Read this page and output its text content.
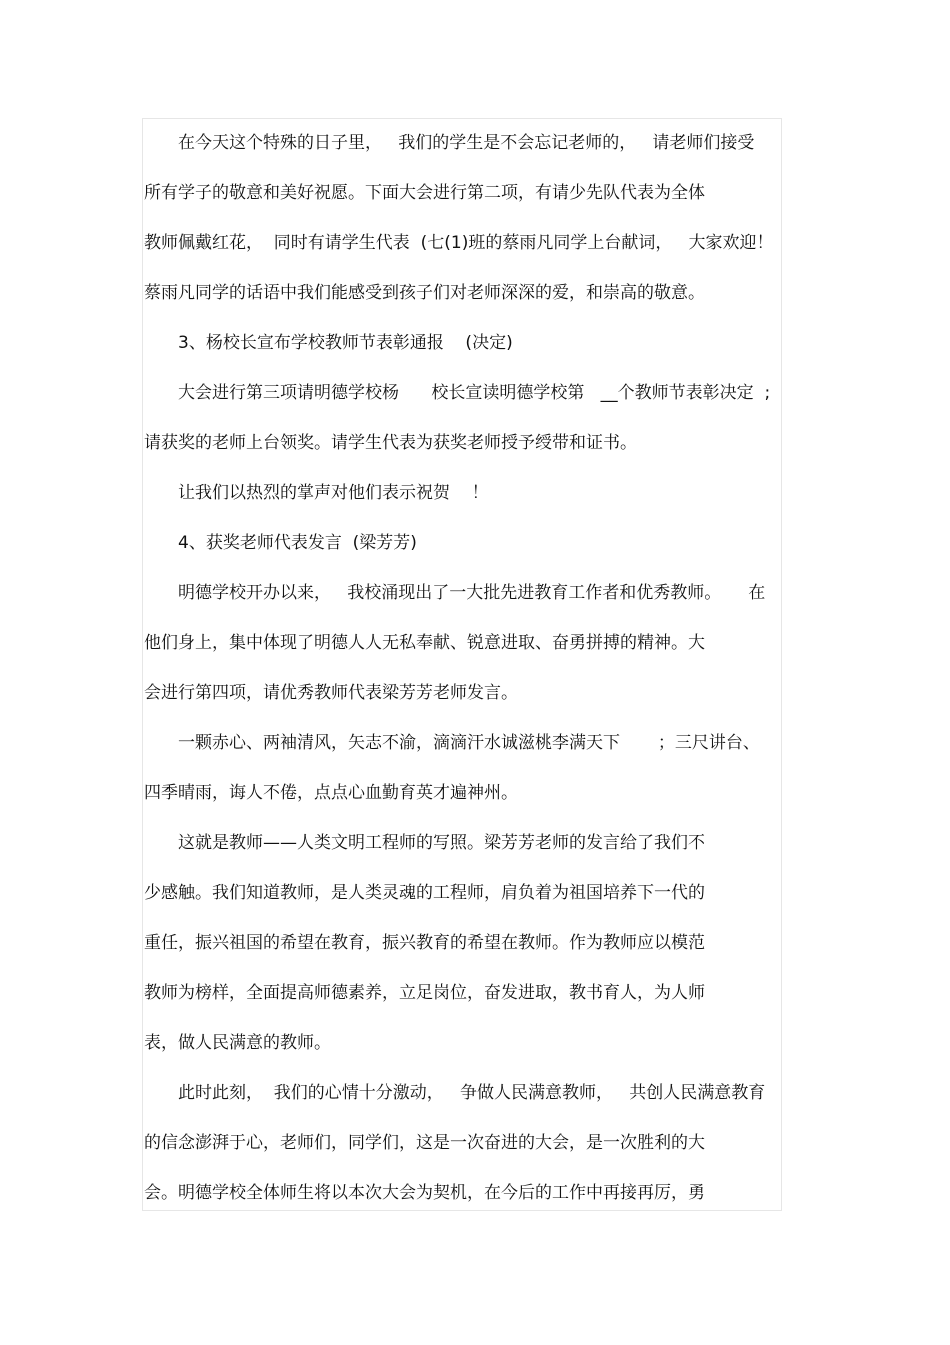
在今天这个特殊的日子里，   我们的学生是不会忘记老师的，   请老师们接受
所有学子的敬意和美好祝愿。下面大会进行第二项，有请少先队代表为全体
教师佩戴红花，  同时有请学生代表  (七(1)班的蔡雨凡同学上台献词，   大家欢迎！
蔡雨凡同学的话语中我们能感受到孩子们对老师深深的爱，和崇高的敬意。
3、杨校长宣布学校教师节表彰通报    (决定)
大会进行第三项请明德学校杨      校长宣读明德学校第   __个教师节表彰决定  ;
请获奖的老师上台领奖。请学生代表为获奖老师授予绶带和证书。
让我们以热烈的掌声对他们表示祝贺    ！
4、获奖老师代表发言  (梁芳芳)
明德学校开办以来，   我校涌现出了一大批先进教育工作者和优秀教师。     在
他们身上，集中体现了明德人人无私奉献、锐意进取、奋勇拼搏的精神。大
会进行第四项，请优秀教师代表梁芳芳老师发言。
一颗赤心、两袖清风，矢志不渝，滴滴汗水诚滋桃李满天下       ；三尺讲台、
四季晴雨，诲人不倦，点点心血勤育英才遍神州。
这就是教师——人类文明工程师的写照。梁芳芳老师的发言给了我们不
少感触。我们知道教师，是人类灵魂的工程师，肩负着为祖国培养下一代的
重任，振兴祖国的希望在教育，振兴教育的希望在教师。作为教师应以模范
教师为榜样，全面提高师德素养，立足岗位，奋发进取，教书育人，为人师
表，做人民满意的教师。
此时此刻，  我们的心情十分激动，   争做人民满意教师，   共创人民满意教育
的信念澎湃于心，老师们，同学们，这是一次奋进的大会，是一次胜利的大
会。明德学校全体师生将以本次大会为契机，在今后的工作中再接再厉，勇
